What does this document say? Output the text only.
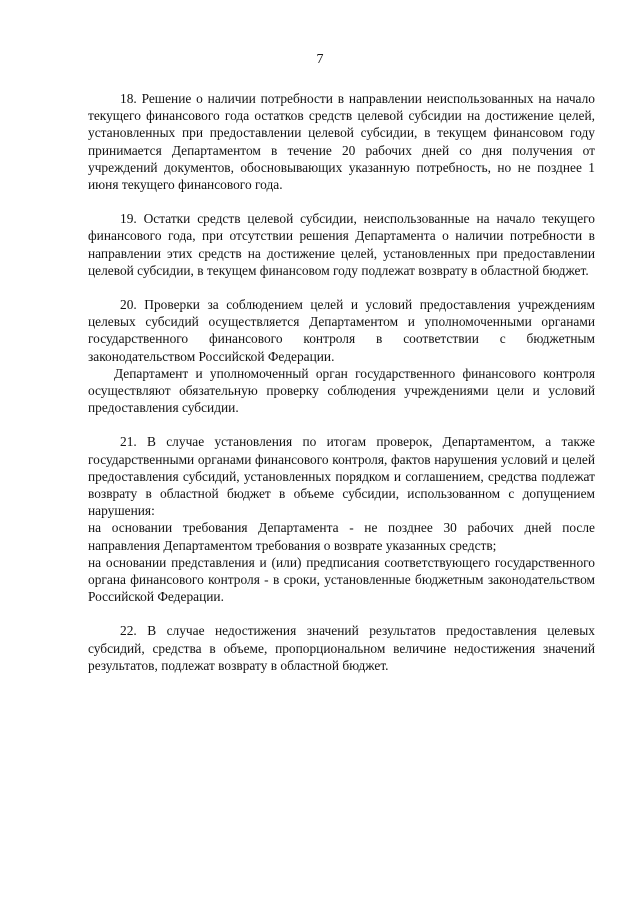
7

18. Решение о наличии потребности в направлении неиспользованных на начало текущего финансового года остатков средств целевой субсидии на достижение целей, установленных при предоставлении целевой субсидии, в текущем финансовом году принимается Департаментом в течение 20 рабочих дней со дня получения от учреждений документов, обосновывающих указанную потребность, но не позднее 1 июня текущего финансового года.

19. Остатки средств целевой субсидии, неиспользованные на начало текущего финансового года, при отсутствии решения Департамента о наличии потребности в направлении этих средств на достижение целей, установленных при предоставлении целевой субсидии, в текущем финансовом году подлежат возврату в областной бюджет.

20. Проверки за соблюдением целей и условий предоставления учреждениям целевых субсидий осуществляется Департаментом и уполномоченными органами государственного финансового контроля в соответствии с бюджетным законодательством Российской Федерации.

Департамент и уполномоченный орган государственного финансового контроля осуществляют обязательную проверку соблюдения учреждениями цели и условий предоставления субсидии.

21. В случае установления по итогам проверок, Департаментом, а также государственными органами финансового контроля, фактов нарушения условий и целей предоставления субсидий, установленных порядком и соглашением, средства подлежат возврату в областной бюджет в объеме субсидии, использованном с допущением нарушения:

на основании требования Департамента - не позднее 30 рабочих дней после направления Департаментом требования о возврате указанных средств;

на основании представления и (или) предписания соответствующего государственного органа финансового контроля - в сроки, установленные бюджетным законодательством Российской Федерации.

22. В случае недостижения значений результатов предоставления целевых субсидий, средства в объеме, пропорциональном величине недостижения значений результатов, подлежат возврату в областной бюджет.
